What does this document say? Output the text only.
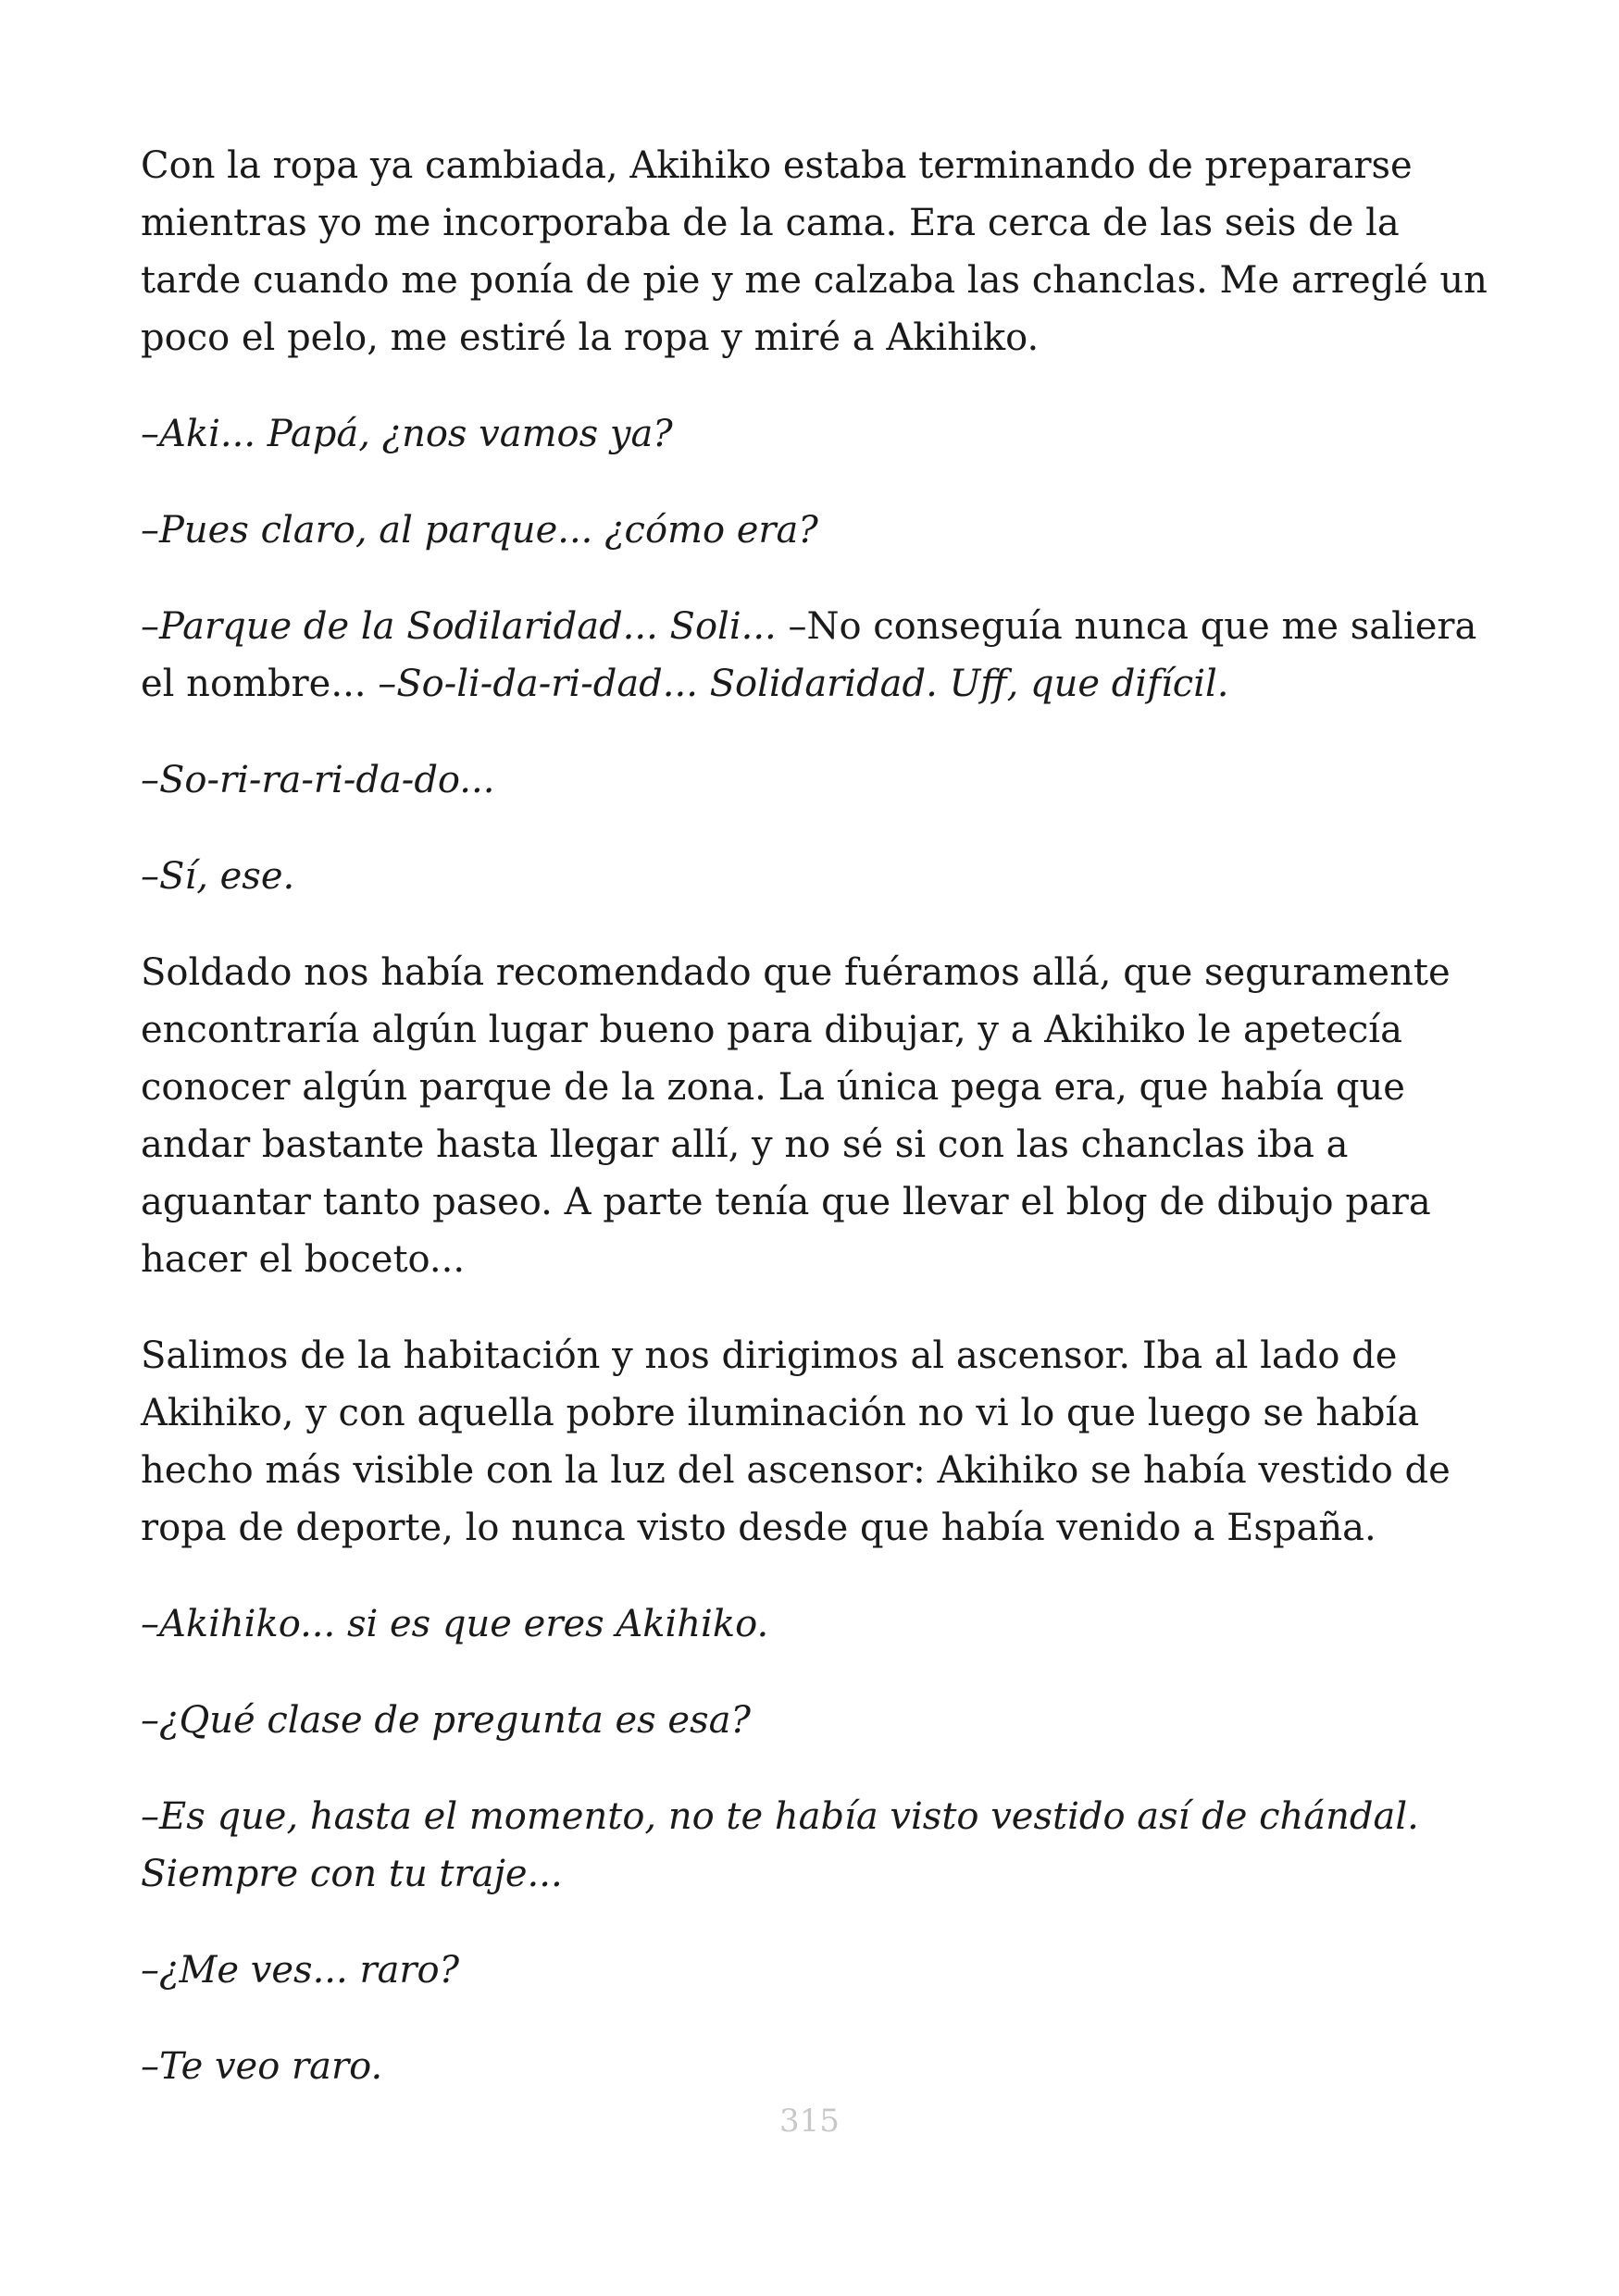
Con la ropa ya cambiada, Akihiko estaba terminando de prepararse mientras yo me incorporaba de la cama. Era cerca de las seis de la tarde cuando me ponía de pie y me calzaba las chanclas. Me arreglé un poco el pelo, me estiré la ropa y miré a Akihiko.

–Aki... Papá, ¿nos vamos ya?

–Pues claro, al parque... ¿cómo era?

–Parque de la Sodilaridad... Soli... –No conseguía nunca que me saliera el nombre... –So-li-da-ri-dad... Solidaridad. Uff, que difícil.

–So-ri-ra-ri-da-do...

–Sí, ese.

Soldado nos había recomendado que fuéramos allá, que seguramente encontraría algún lugar bueno para dibujar, y a Akihiko le apetecía conocer algún parque de la zona. La única pega era, que había que andar bastante hasta llegar allí, y no sé si con las chanclas iba a aguantar tanto paseo. A parte tenía que llevar el blog de dibujo para hacer el boceto...

Salimos de la habitación y nos dirigimos al ascensor. Iba al lado de Akihiko, y con aquella pobre iluminación no vi lo que luego se había hecho más visible con la luz del ascensor: Akihiko se había vestido de ropa de deporte, lo nunca visto desde que había venido a España.

–Akihiko... si es que eres Akihiko.

–¿Qué clase de pregunta es esa?

–Es que, hasta el momento, no te había visto vestido así de chándal. Siempre con tu traje...

–¿Me ves... raro?

–Te veo raro.

315
